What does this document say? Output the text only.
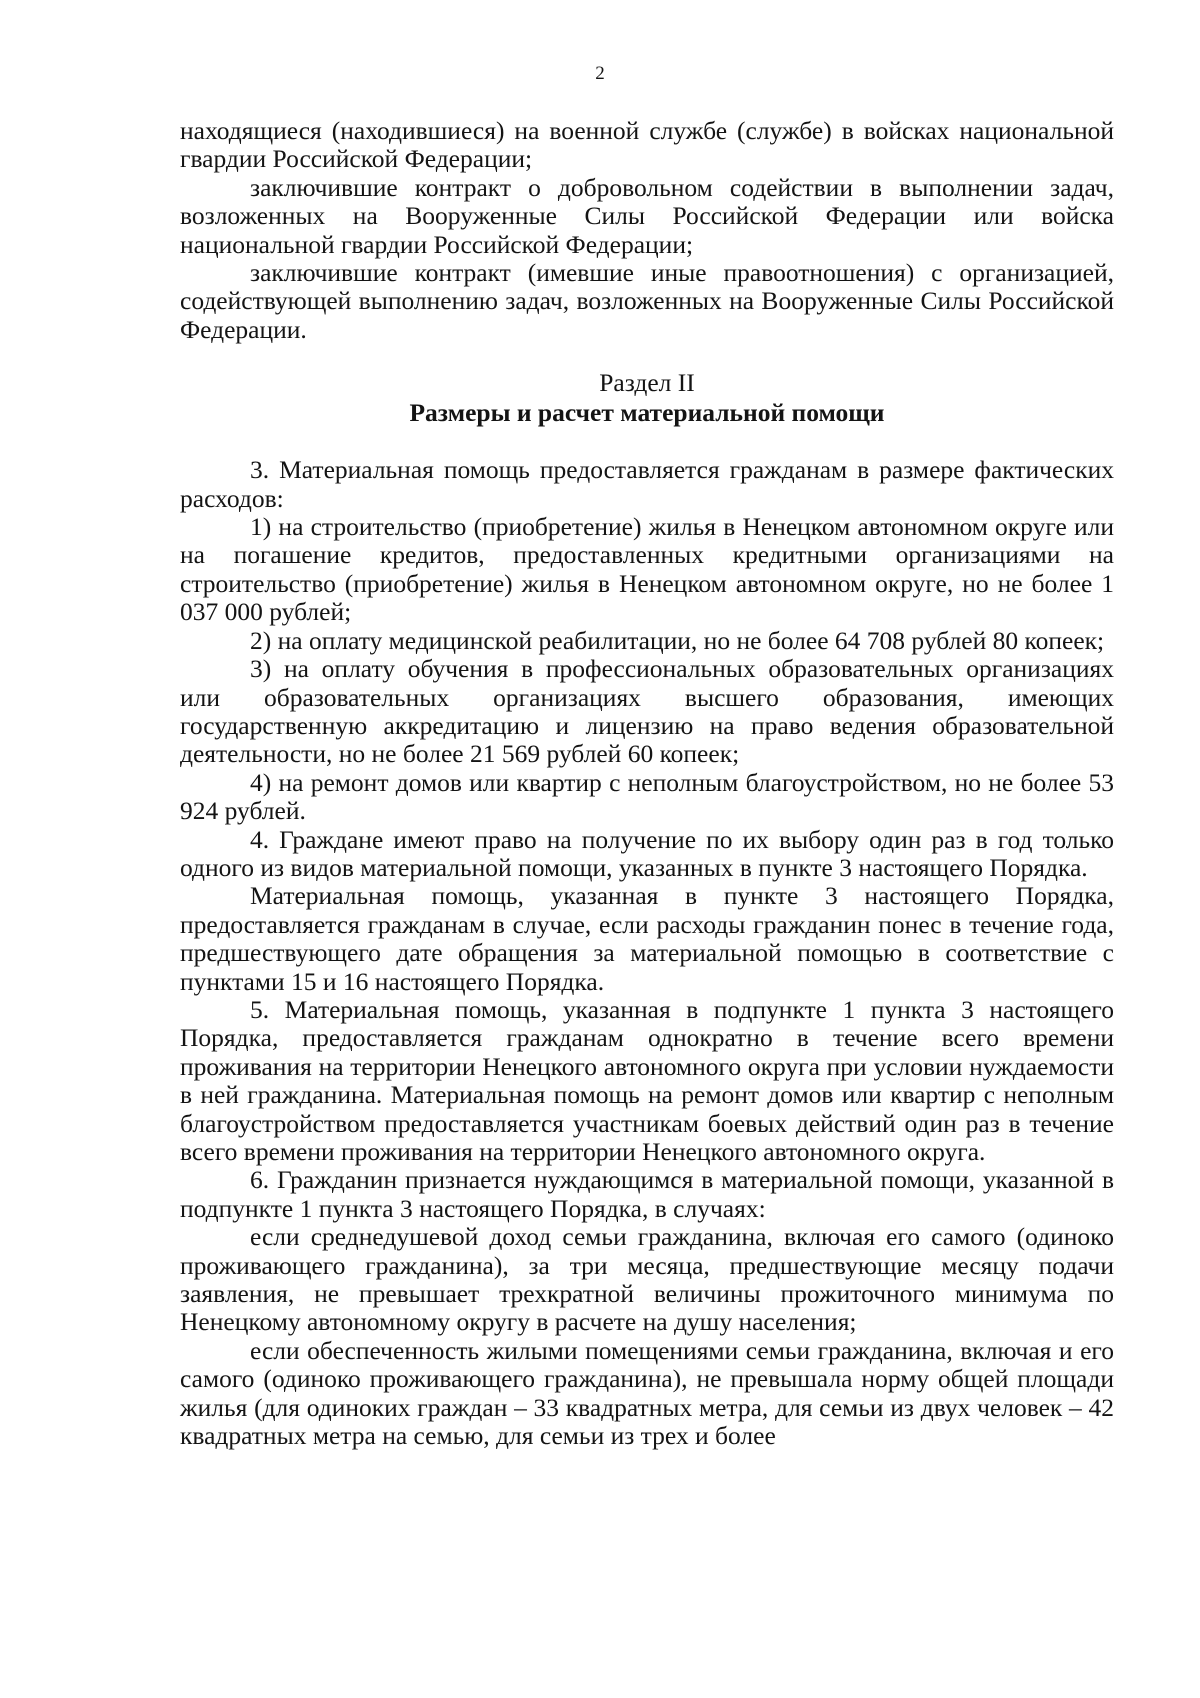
2

находящиеся (находившиеся) на военной службе (службе) в войсках национальной гвардии Российской Федерации;

заключившие контракт о добровольном содействии в выполнении задач, возложенных на Вооруженные Силы Российской Федерации или войска национальной гвардии Российской Федерации;

заключившие контракт (имевшие иные правоотношения) с организацией, содействующей выполнению задач, возложенных на Вооруженные Силы Российской Федерации.

Раздел II

Размеры и расчет материальной помощи

3. Материальная помощь предоставляется гражданам в размере фактических расходов:

1) на строительство (приобретение) жилья в Ненецком автономном округе или на погашение кредитов, предоставленных кредитными организациями на строительство (приобретение) жилья в Ненецком автономном округе, но не более 1 037 000 рублей;

2) на оплату медицинской реабилитации, но не более 64 708 рублей 80 копеек;

3) на оплату обучения в профессиональных образовательных организациях или образовательных организациях высшего образования, имеющих государственную аккредитацию и лицензию на право ведения образовательной деятельности, но не более 21 569 рублей 60 копеек;

4) на ремонт домов или квартир с неполным благоустройством, но не более 53 924 рублей.

4. Граждане имеют право на получение по их выбору один раз в год только одного из видов материальной помощи, указанных в пункте 3 настоящего Порядка.

Материальная помощь, указанная в пункте 3 настоящего Порядка, предоставляется гражданам в случае, если расходы гражданин понес в течение года, предшествующего дате обращения за материальной помощью в соответствие с пунктами 15 и 16 настоящего Порядка.

5. Материальная помощь, указанная в подпункте 1 пункта 3 настоящего Порядка, предоставляется гражданам однократно в течение всего времени проживания на территории Ненецкого автономного округа при условии нуждаемости в ней гражданина. Материальная помощь на ремонт домов или квартир с неполным благоустройством предоставляется участникам боевых действий один раз в течение всего времени проживания на территории Ненецкого автономного округа.

6. Гражданин признается нуждающимся в материальной помощи, указанной в подпункте 1 пункта 3 настоящего Порядка, в случаях:

если среднедушевой доход семьи гражданина, включая его самого (одиноко проживающего гражданина), за три месяца, предшествующие месяцу подачи заявления, не превышает трехкратной величины прожиточного минимума по Ненецкому автономному округу в расчете на душу населения;

если обеспеченность жилыми помещениями семьи гражданина, включая и его самого (одиноко проживающего гражданина), не превышала норму общей площади жилья (для одиноких граждан – 33 квадратных метра, для семьи из двух человек – 42 квадратных метра на семью, для семьи из трех и более
